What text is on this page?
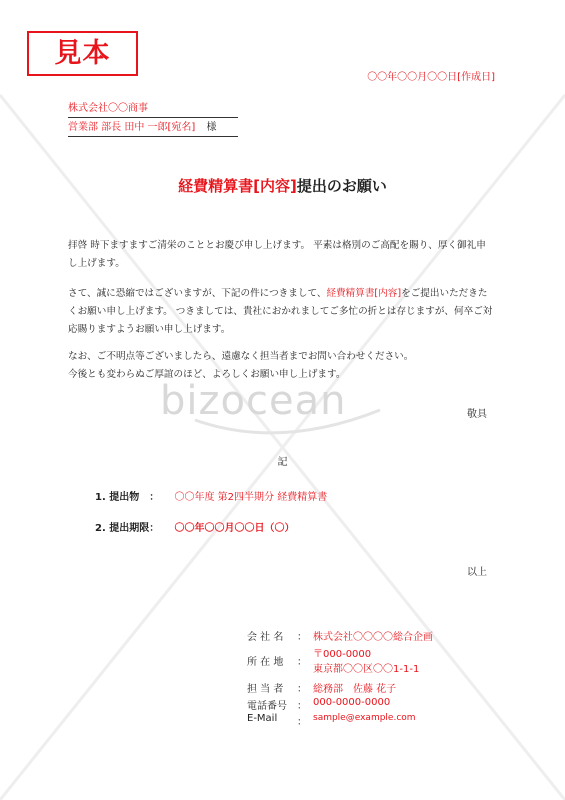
bizocean
見本
〇〇年〇〇月〇〇日[作成日]
株式会社〇〇商事
営業部 部長 田中 一郎[宛名] 様
経費精算書[内容]提出のお願い
拝啓 時下ますますご清栄のこととお慶び申し上げます。 平素は格別のご高配を賜り、厚く御礼申
し上げます。
さて、誠に恐縮ではございますが、下記の件につきまして、経費精算書[内容]をご提出いただきた
くお願い申し上げます。 つきましては、貴社におかれましてご多忙の折とは存じますが、何卒ご対
応賜りますようお願い申し上げます。
なお、ご不明点等ございましたら、遠慮なく担当者までお問い合わせください。
今後とも変わらぬご厚誼のほど、よろしくお願い申し上げます。
敬具
記
1. 提出物　： 〇〇年度 第2四半期分 経費精算書
2. 提出期限： 〇〇年〇〇月〇〇日（〇）
以上
会 社 名	： 株式会社〇〇〇〇総合企画
所 在 地	：
〒000-0000
東京都〇〇区〇〇1-1-1
担 当 者	： 総務部　佐藤 花子
電話番号	： 000-0000-0000
E-Mail	： sample@example.com
